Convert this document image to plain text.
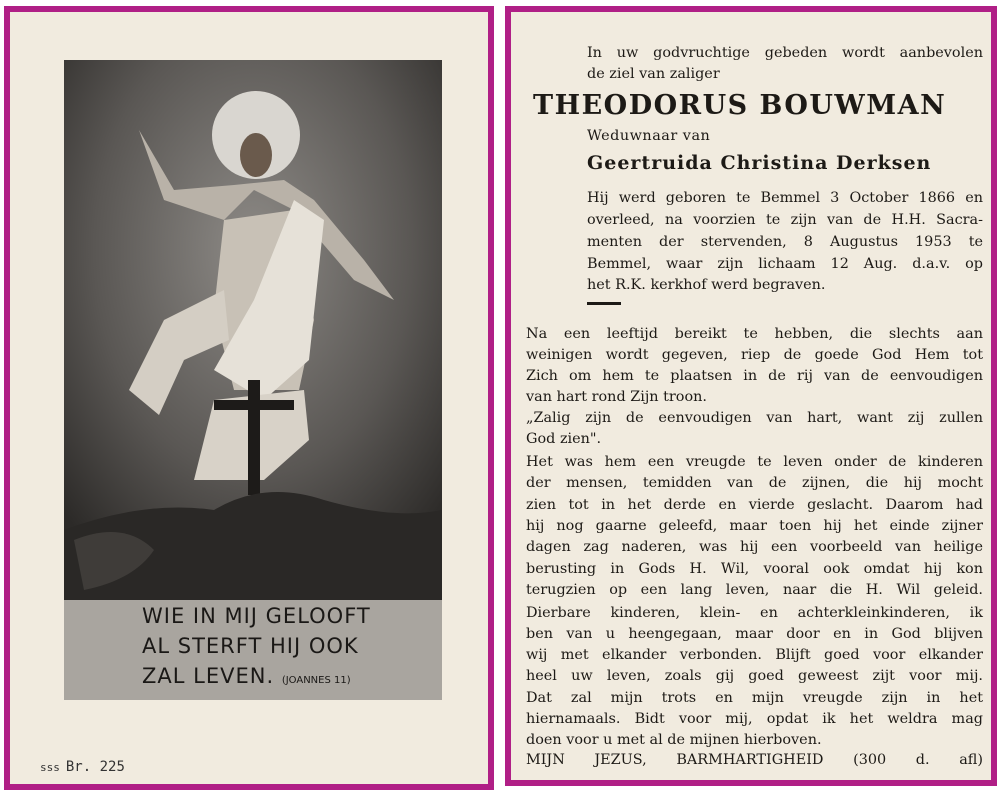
WIE IN MIJ GELOOFT
AL STERFT HIJ OOK
ZAL LEVEN. (JOANNES 11)
sss Br. 225
In uw godvruchtige gebeden wordt aanbevolen
de ziel van zaliger
THEODORUS BOUWMAN
Weduwnaar van
Geertruida Christina Derksen
Hij werd geboren te Bemmel 3 October 1866 en
overleed, na voorzien te zijn van de H.H. Sacra-
menten der stervenden, 8 Augustus 1953 te
Bemmel, waar zijn lichaam 12 Aug. d.a.v. op
het R.K. kerkhof werd begraven.
Na een leeftijd bereikt te hebben, die slechts aan
weinigen wordt gegeven, riep de goede God Hem tot
Zich om hem te plaatsen in de rij van de eenvoudigen
van hart rond Zijn troon.
„Zalig zijn de eenvoudigen van hart, want zij zullen
God zien".
Het was hem een vreugde te leven onder de kinderen
der mensen, temidden van de zijnen, die hij mocht
zien tot in het derde en vierde geslacht. Daarom had
hij nog gaarne geleefd, maar toen hij het einde zijner
dagen zag naderen, was hij een voorbeeld van heilige
berusting in Gods H. Wil, vooral ook omdat hij kon
terugzien op een lang leven, naar die H. Wil geleid.
Dierbare kinderen, klein- en achterkleinkinderen, ik
ben van u heengegaan, maar door en in God blijven
wij met elkander verbonden. Blijft goed voor elkander
heel uw leven, zoals gij goed geweest zijt voor mij.
Dat zal mijn trots en mijn vreugde zijn in het
hiernamaals. Bidt voor mij, opdat ik het weldra mag
doen voor u met al de mijnen hierboven.
MIJN JEZUS, BARMHARTIGHEID (300 d. afl)
